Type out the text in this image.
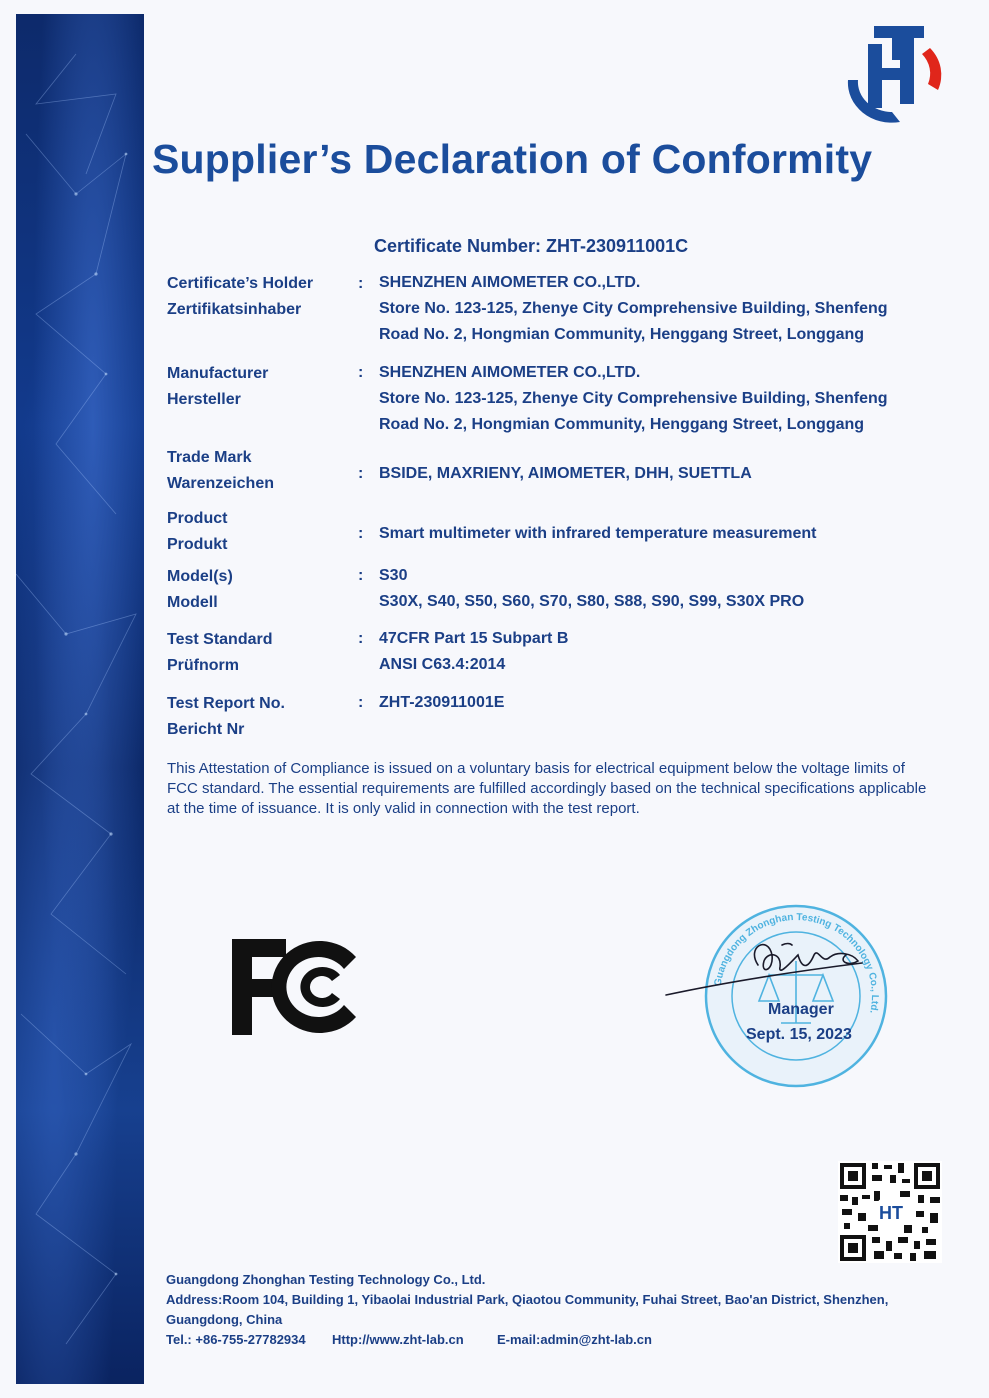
Supplier’s Declaration of Conformity
Certificate Number: ZHT-230911001C
Certificate’s Holder
Zertifikatsinhaber
: SHENZHEN AIMOMETER CO.,LTD.
Store No. 123-125, Zhenye City Comprehensive Building, Shenfeng
Road No. 2, Hongmian Community, Henggang Street, Longgang
Manufacturer
Hersteller
: SHENZHEN AIMOMETER CO.,LTD.
Store No. 123-125, Zhenye City Comprehensive Building, Shenfeng
Road No. 2, Hongmian Community, Henggang Street, Longgang
Trade Mark
Warenzeichen
: BSIDE, MAXRIENY, AIMOMETER, DHH, SUETTLA
Product
Produkt
: Smart multimeter with infrared temperature measurement
Model(s)
Modell
: S30
S30X, S40, S50, S60, S70, S80, S88, S90, S99, S30X PRO
Test Standard
Prüfnorm
: 47CFR Part 15 Subpart B
ANSI C63.4:2014
Test Report No.
Bericht Nr
: ZHT-230911001E
This Attestation of Compliance is issued on a voluntary basis for electrical equipment below the voltage limits of FCC standard. The essential requirements are fulfilled accordingly based on the technical specifications applicable at the time of issuance. It is only valid in connection with the test report.
Guangdong Zhonghan Testing Technology Co., Ltd.
Manager
Sept. 15, 2023
HT
Guangdong Zhonghan Testing Technology Co., Ltd.
Address:Room 104, Building 1, Yibaolai Industrial Park, Qiaotou Community, Fuhai Street, Bao'an District, Shenzhen,
Guangdong, China
Tel.: +86-755-27782934 Http://www.zht-lab.cn	E-mail:admin@zht-lab.cn
